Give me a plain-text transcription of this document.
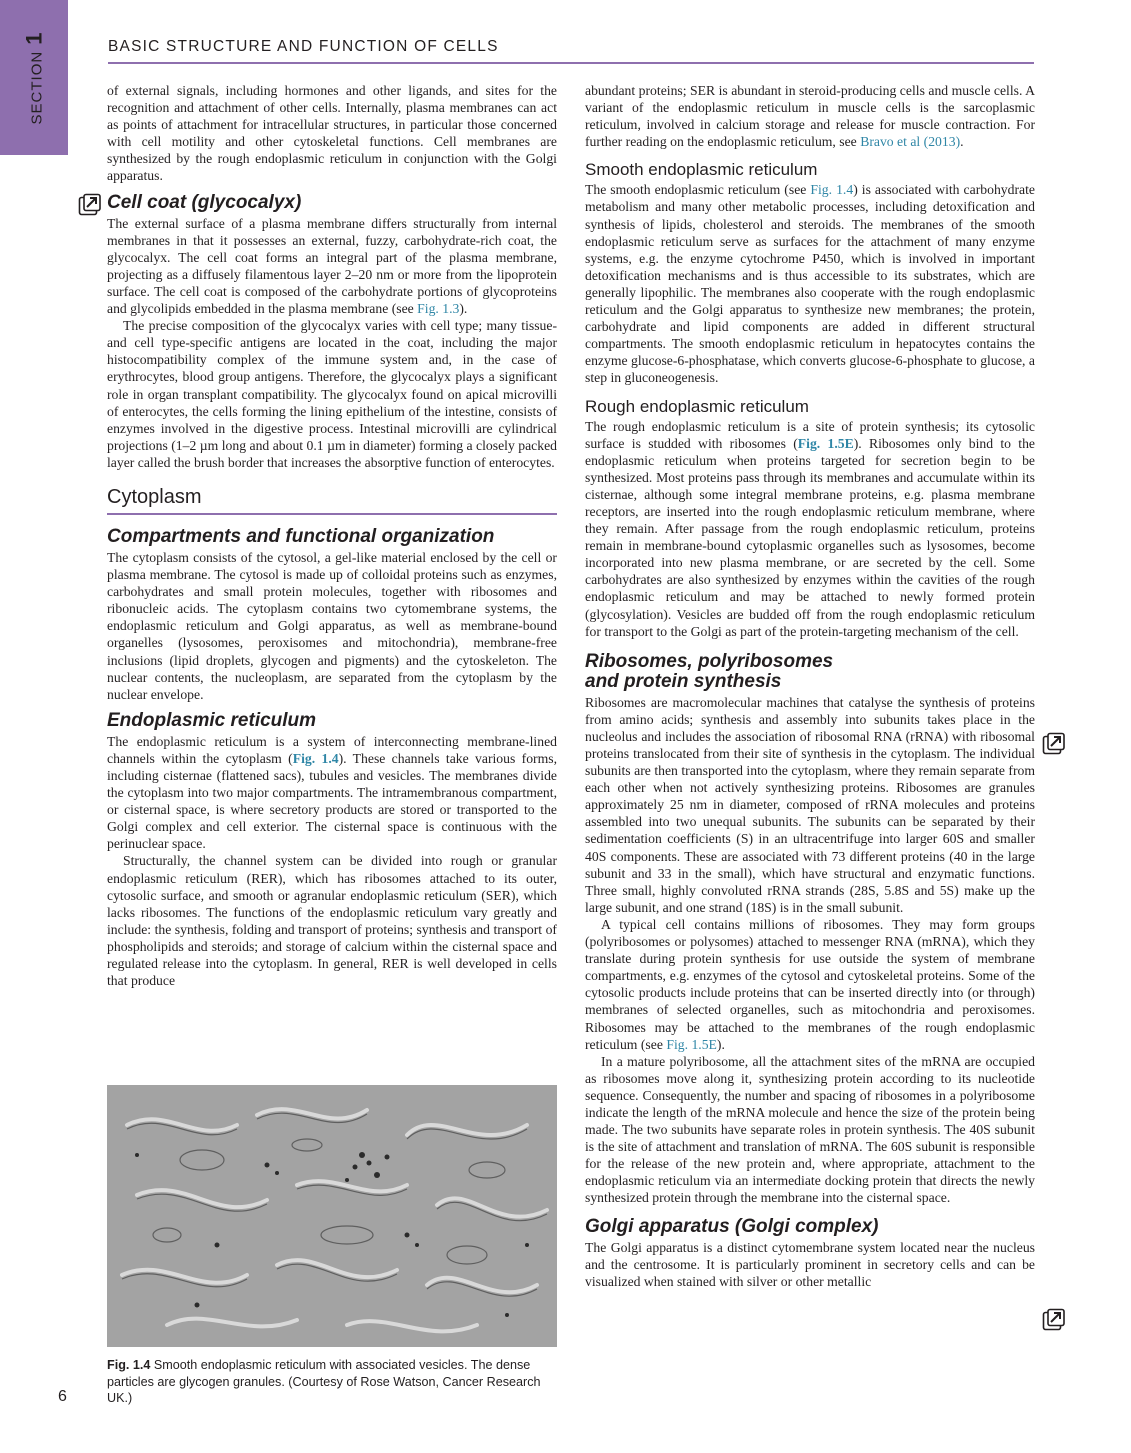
SECTION1
BASIC STRUCTURE AND FUNCTION OF CELLS

of external signals, including hormones and other ligands, and sites for the recognition and attachment of other cells. Internally, plasma membranes can act as points of attachment for intracellular structures, in particular those concerned with cell motility and other cytoskeletal functions. Cell membranes are synthesized by the rough endoplasmic reticulum in conjunction with the Golgi apparatus.

Cell coat (glycocalyx)

The external surface of a plasma membrane differs structurally from internal membranes in that it possesses an external, fuzzy, carbohydrate-rich coat, the glycocalyx. The cell coat forms an integral part of the plasma membrane, projecting as a diffusely filamentous layer 2–20 nm or more from the lipoprotein surface. The cell coat is composed of the carbohydrate portions of glycoproteins and glycolipids embedded in the plasma membrane (see Fig. 1.3).

The precise composition of the glycocalyx varies with cell type; many tissue- and cell type-specific antigens are located in the coat, including the major histocompatibility complex of the immune system and, in the case of erythrocytes, blood group antigens. Therefore, the glycocalyx plays a significant role in organ transplant compatibility. The glycocalyx found on apical microvilli of enterocytes, the cells forming the lining epithelium of the intestine, consists of enzymes involved in the digestive process. Intestinal microvilli are cylindrical projections (1–2 µm long and about 0.1 µm in diameter) forming a closely packed layer called the brush border that increases the absorptive function of enterocytes.

Cytoplasm
Compartments and functional organization

The cytoplasm consists of the cytosol, a gel-like material enclosed by the cell or plasma membrane. The cytosol is made up of colloidal proteins such as enzymes, carbohydrates and small protein molecules, together with ribosomes and ribonucleic acids. The cytoplasm contains two cytomembrane systems, the endoplasmic reticulum and Golgi apparatus, as well as membrane-bound organelles (lysosomes, peroxisomes and mitochondria), membrane-free inclusions (lipid droplets, glycogen and pigments) and the cytoskeleton. The nuclear contents, the nucleoplasm, are separated from the cytoplasm by the nuclear envelope.

Endoplasmic reticulum

The endoplasmic reticulum is a system of interconnecting membrane-lined channels within the cytoplasm (Fig. 1.4). These channels take various forms, including cisternae (flattened sacs), tubules and vesicles. The membranes divide the cytoplasm into two major compartments. The intramembranous compartment, or cisternal space, is where secretory products are stored or transported to the Golgi complex and cell exterior. The cisternal space is continuous with the perinuclear space.

Structurally, the channel system can be divided into rough or granular endoplasmic reticulum (RER), which has ribosomes attached to its outer, cytosolic surface, and smooth or agranular endoplasmic reticulum (SER), which lacks ribosomes. The functions of the endoplasmic reticulum vary greatly and include: the synthesis, folding and transport of proteins; synthesis and transport of phospholipids and steroids; and storage of calcium within the cisternal space and regulated release into the cytoplasm. In general, RER is well developed in cells that produce

Fig. 1.4 Smooth endoplasmic reticulum with associated vesicles. The dense particles are glycogen granules. (Courtesy of Rose Watson, Cancer Research UK.)
6

abundant proteins; SER is abundant in steroid-producing cells and muscle cells. A variant of the endoplasmic reticulum in muscle cells is the sarcoplasmic reticulum, involved in calcium storage and release for muscle contraction. For further reading on the endoplasmic reticulum, see Bravo et al (2013).

Smooth endoplasmic reticulum

The smooth endoplasmic reticulum (see Fig. 1.4) is associated with carbohydrate metabolism and many other metabolic processes, including detoxification and synthesis of lipids, cholesterol and steroids. The membranes of the smooth endoplasmic reticulum serve as surfaces for the attachment of many enzyme systems, e.g. the enzyme cytochrome P450, which is involved in important detoxification mechanisms and is thus accessible to its substrates, which are generally lipophilic. The membranes also cooperate with the rough endoplasmic reticulum and the Golgi apparatus to synthesize new membranes; the protein, carbohydrate and lipid components are added in different structural compartments. The smooth endoplasmic reticulum in hepatocytes contains the enzyme glucose-6-phosphatase, which converts glucose-6-phosphate to glucose, a step in gluconeogenesis.

Rough endoplasmic reticulum

The rough endoplasmic reticulum is a site of protein synthesis; its cytosolic surface is studded with ribosomes (Fig. 1.5E). Ribosomes only bind to the endoplasmic reticulum when proteins targeted for secretion begin to be synthesized. Most proteins pass through its membranes and accumulate within its cisternae, although some integral membrane proteins, e.g. plasma membrane receptors, are inserted into the rough endoplasmic reticulum membrane, where they remain. After passage from the rough endoplasmic reticulum, proteins remain in membrane-bound cytoplasmic organelles such as lysosomes, become incorporated into new plasma membrane, or are secreted by the cell. Some carbohydrates are also synthesized by enzymes within the cavities of the rough endoplasmic reticulum and may be attached to newly formed protein (glycosylation). Vesicles are budded off from the rough endoplasmic reticulum for transport to the Golgi as part of the protein-targeting mechanism of the cell.

Ribosomes, polyribosomes
and protein synthesis

Ribosomes are macromolecular machines that catalyse the synthesis of proteins from amino acids; synthesis and assembly into subunits takes place in the nucleolus and includes the association of ribosomal RNA (rRNA) with ribosomal proteins translocated from their site of synthesis in the cytoplasm. The individual subunits are then transported into the cytoplasm, where they remain separate from each other when not actively synthesizing proteins. Ribosomes are granules approximately 25 nm in diameter, composed of rRNA molecules and proteins assembled into two unequal subunits. The subunits can be separated by their sedimentation coefficients (S) in an ultracentrifuge into larger 60S and smaller 40S components. These are associated with 73 different proteins (40 in the large subunit and 33 in the small), which have structural and enzymatic functions. Three small, highly convoluted rRNA strands (28S, 5.8S and 5S) make up the large subunit, and one strand (18S) is in the small subunit.

A typical cell contains millions of ribosomes. They may form groups (polyribosomes or polysomes) attached to messenger RNA (mRNA), which they translate during protein synthesis for use outside the system of membrane compartments, e.g. enzymes of the cytosol and cytoskeletal proteins. Some of the cytosolic products include proteins that can be inserted directly into (or through) membranes of selected organelles, such as mitochondria and peroxisomes. Ribosomes may be attached to the membranes of the rough endoplasmic reticulum (see Fig. 1.5E).

In a mature polyribosome, all the attachment sites of the mRNA are occupied as ribosomes move along it, synthesizing protein according to its nucleotide sequence. Consequently, the number and spacing of ribosomes in a polyribosome indicate the length of the mRNA molecule and hence the size of the protein being made. The two subunits have separate roles in protein synthesis. The 40S subunit is the site of attachment and translation of mRNA. The 60S subunit is responsible for the release of the new protein and, where appropriate, attachment to the endoplasmic reticulum via an intermediate docking protein that directs the newly synthesized protein through the membrane into the cisternal space.

Golgi apparatus (Golgi complex)

The Golgi apparatus is a distinct cytomembrane system located near the nucleus and the centrosome. It is particularly prominent in secretory cells and can be visualized when stained with silver or other metallic
